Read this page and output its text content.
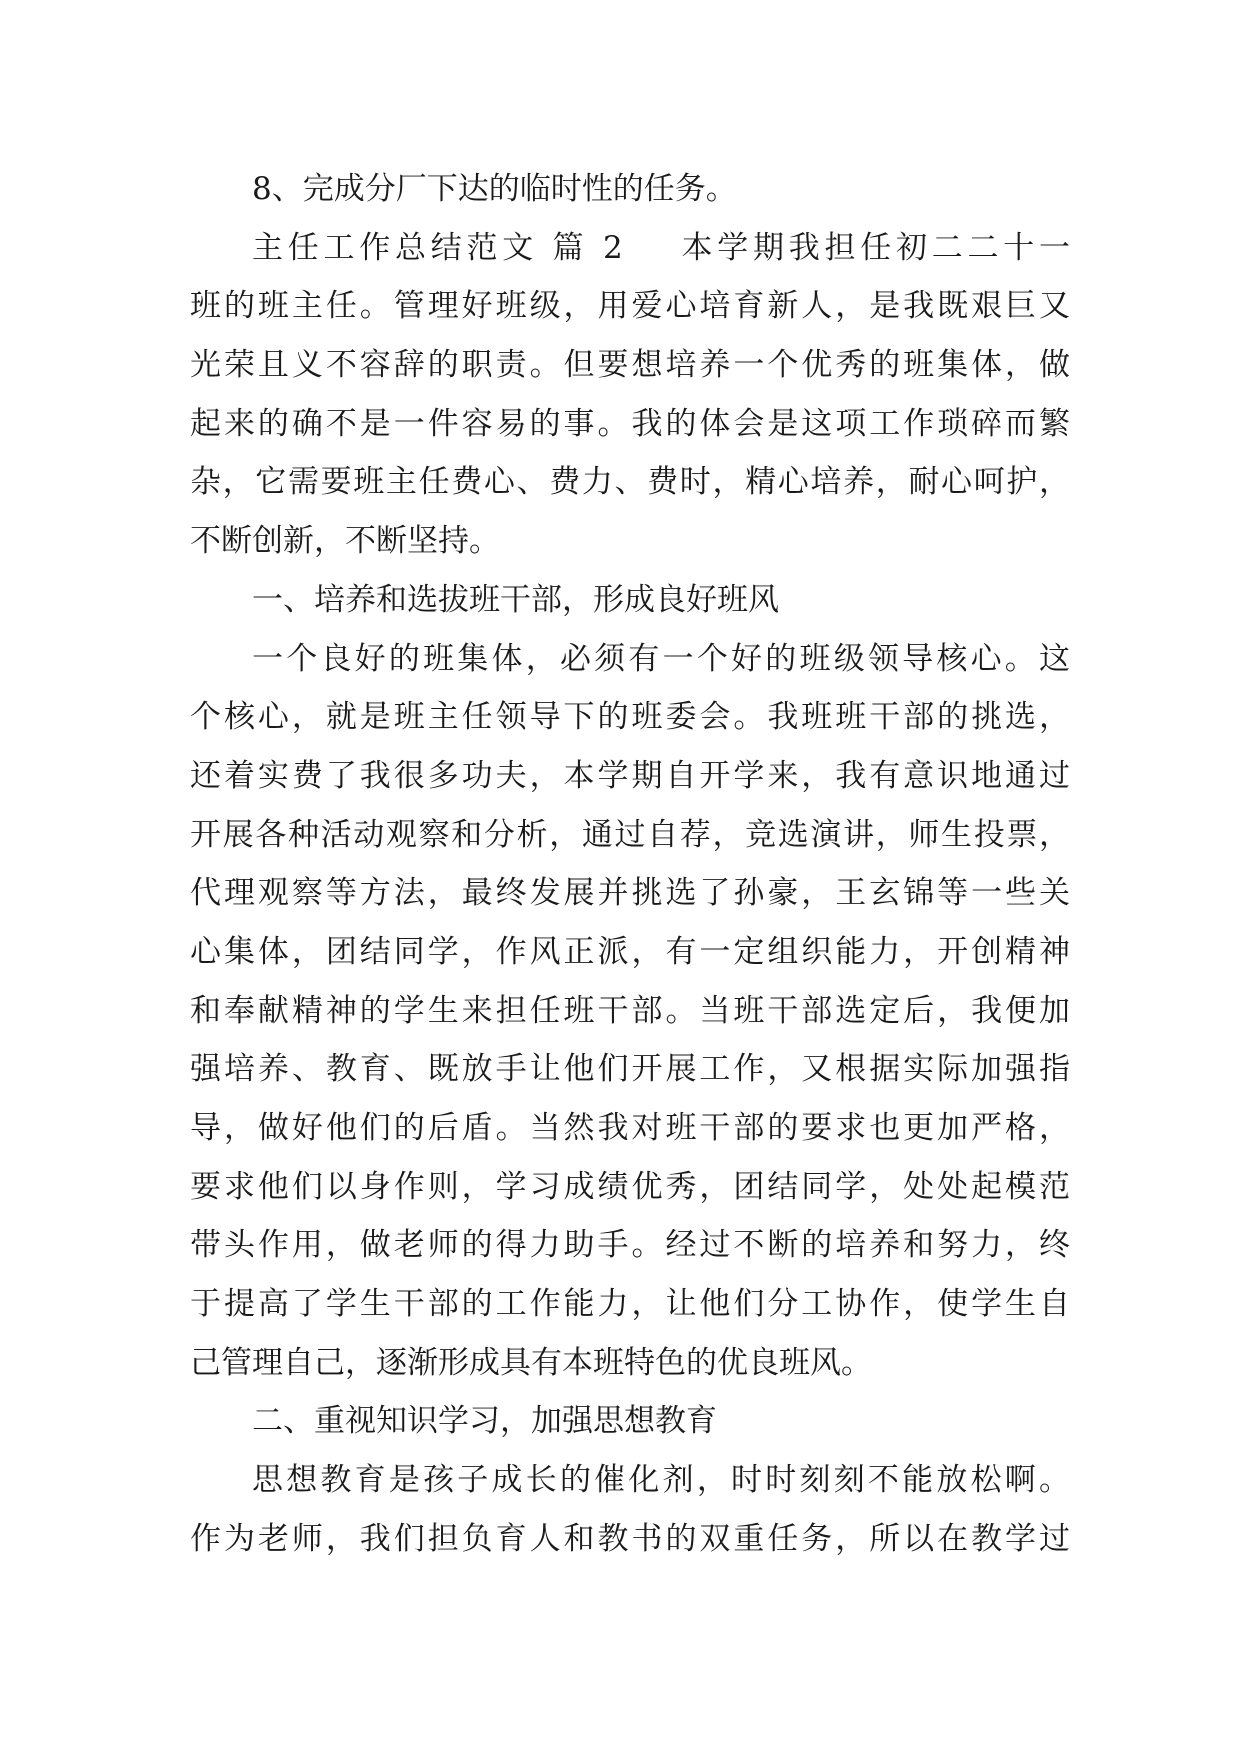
8、完成分厂下达的临时性的任务。
主任工作总结范文 篇 2 本学期我担任初二二十一
班的班主任。管理好班级，用爱心培育新人，是我既艰巨又
光荣且义不容辞的职责。但要想培养一个优秀的班集体，做
起来的确不是一件容易的事。我的体会是这项工作琐碎而繁
杂，它需要班主任费心、费力、费时，精心培养，耐心呵护，
不断创新，不断坚持。
一、培养和选拔班干部，形成良好班风
一个良好的班集体，必须有一个好的班级领导核心。这
个核心，就是班主任领导下的班委会。我班班干部的挑选，
还着实费了我很多功夫，本学期自开学来，我有意识地通过
开展各种活动观察和分析，通过自荐，竞选演讲，师生投票，
代理观察等方法，最终发展并挑选了孙豪，王玄锦等一些关
心集体，团结同学，作风正派，有一定组织能力，开创精神
和奉献精神的学生来担任班干部。当班干部选定后，我便加
强培养、教育、既放手让他们开展工作，又根据实际加强指
导，做好他们的后盾。当然我对班干部的要求也更加严格，
要求他们以身作则，学习成绩优秀，团结同学，处处起模范
带头作用，做老师的得力助手。经过不断的培养和努力，终
于提高了学生干部的工作能力，让他们分工协作，使学生自
己管理自己，逐渐形成具有本班特色的优良班风。
二、重视知识学习，加强思想教育
思想教育是孩子成长的催化剂，时时刻刻不能放松啊。
作为老师，我们担负育人和教书的双重任务，所以在教学过
